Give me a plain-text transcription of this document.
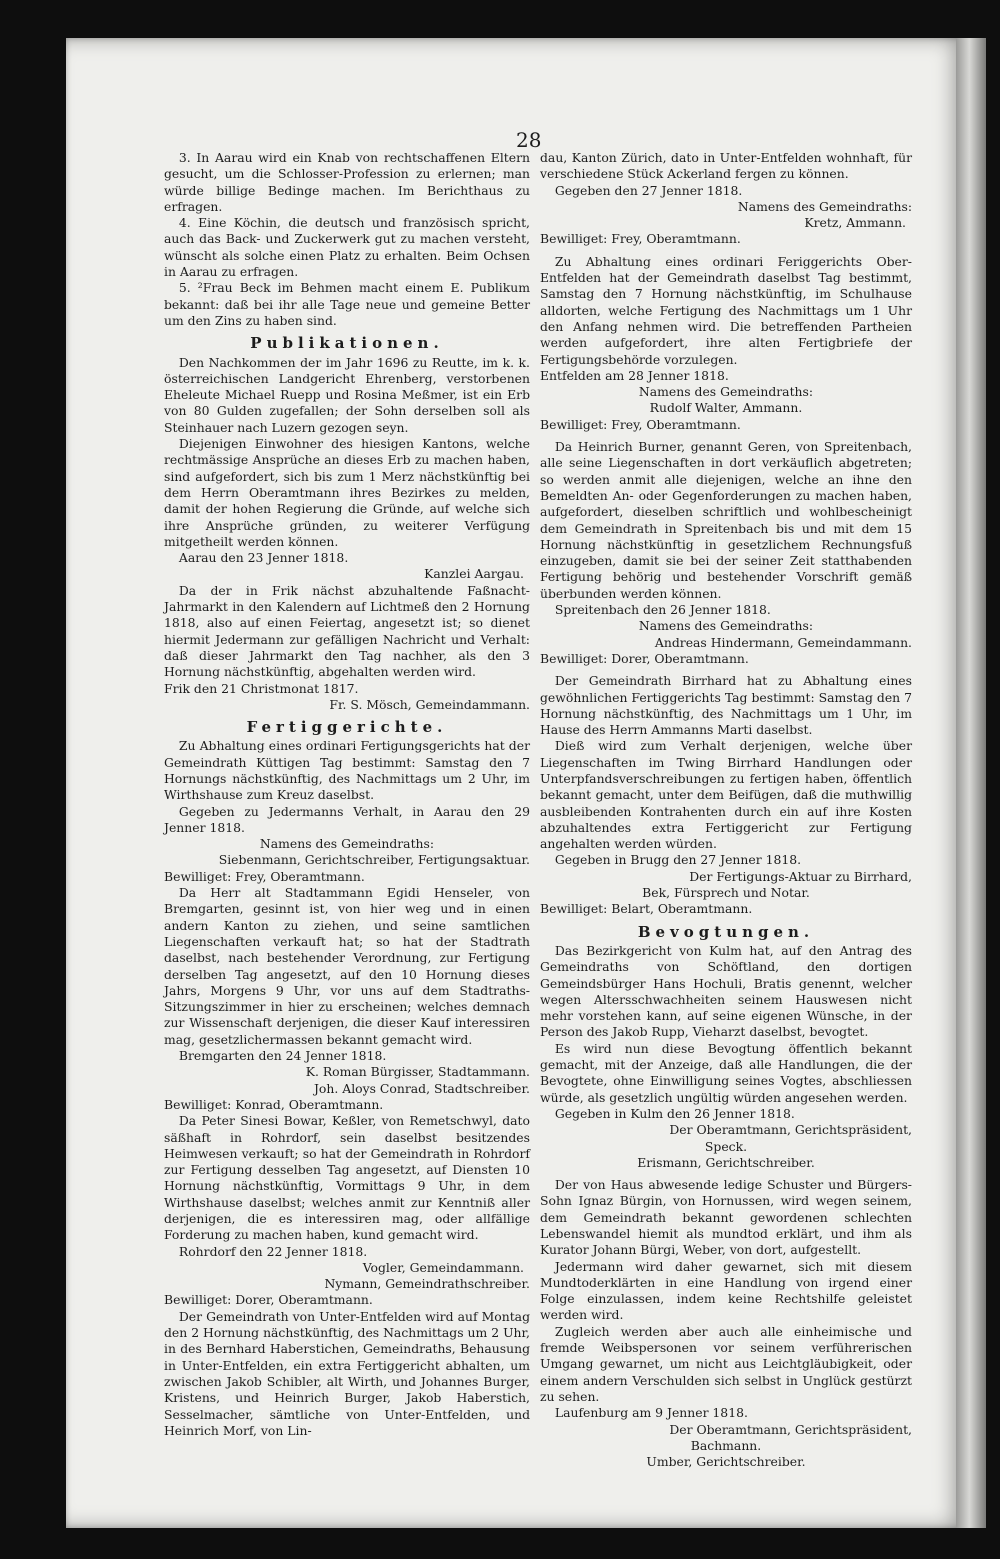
28

3. In Aarau wird ein Knab von rechtschaffenen Eltern gesucht, um die Schlosser-Profession zu erlernen; man würde billige Bedinge machen. Im Berichthaus zu erfragen.

4. Eine Köchin, die deutsch und französisch spricht, auch das Back- und Zuckerwerk gut zu machen versteht, wünscht als solche einen Platz zu erhalten. Beim Ochsen in Aarau zu erfragen.

5. ²Frau Beck im Behmen macht einem E. Publikum bekannt: daß bei ihr alle Tage neue und gemeine Better um den Zins zu haben sind.

Publikationen.

Den Nachkommen der im Jahr 1696 zu Reutte, im k. k. österreichischen Landgericht Ehrenberg, verstorbenen Eheleute Michael Ruepp und Rosina Meßmer, ist ein Erb von 80 Gulden zugefallen; der Sohn derselben soll als Steinhauer nach Luzern gezogen seyn.

Diejenigen Einwohner des hiesigen Kantons, welche rechtmässige Ansprüche an dieses Erb zu machen haben, sind aufgefordert, sich bis zum 1 Merz nächstkünftig bei dem Herrn Oberamtmann ihres Bezirkes zu melden, damit der hohen Regierung die Gründe, auf welche sich ihre Ansprüche gründen, zu weiterer Verfügung mitgetheilt werden können.

Aarau den 23 Jenner 1818.

Kanzlei Aargau.

Da der in Frik nächst abzuhaltende Faßnacht-Jahrmarkt in den Kalendern auf Lichtmeß den 2 Hornung 1818, also auf einen Feiertag, angesetzt ist; so dienet hiermit Jedermann zur gefälligen Nachricht und Verhalt: daß dieser Jahrmarkt den Tag nachher, als den 3 Hornung nächstkünftig, abgehalten werden wird.

Frik den 21 Christmonat 1817.

Fr. S. Mösch, Gemeindammann.

Fertiggerichte.

Zu Abhaltung eines ordinari Fertigungsgerichts hat der Gemeindrath Küttigen Tag bestimmt: Samstag den 7 Hornungs nächstkünftig, des Nachmittags um 2 Uhr, im Wirthshause zum Kreuz daselbst.

Gegeben zu Jedermanns Verhalt, in Aarau den 29 Jenner 1818.

Namens des Gemeindraths:

Siebenmann, Gerichtschreiber, Fertigungsaktuar.

Bewilliget: Frey, Oberamtmann.

Da Herr alt Stadtammann Egidi Henseler, von Bremgarten, gesinnt ist, von hier weg und in einen andern Kanton zu ziehen, und seine samtlichen Liegenschaften verkauft hat; so hat der Stadtrath daselbst, nach bestehender Verordnung, zur Fertigung derselben Tag angesetzt, auf den 10 Hornung dieses Jahrs, Morgens 9 Uhr, vor uns auf dem Stadtraths-Sitzungszimmer in hier zu erscheinen; welches demnach zur Wissenschaft derjenigen, die dieser Kauf interessiren mag, gesetzlichermassen bekannt gemacht wird.

Bremgarten den 24 Jenner 1818.

K. Roman Bürgisser, Stadtammann.

Joh. Aloys Conrad, Stadtschreiber.

Bewilliget: Konrad, Oberamtmann.

Da Peter Sinesi Bowar, Keßler, von Remetschwyl, dato säßhaft in Rohrdorf, sein daselbst besitzendes Heimwesen verkauft; so hat der Gemeindrath in Rohrdorf zur Fertigung desselben Tag angesetzt, auf Diensten 10 Hornung nächstkünftig, Vormittags 9 Uhr, in dem Wirthshause daselbst; welches anmit zur Kenntniß aller derjenigen, die es interessiren mag, oder allfällige Forderung zu machen haben, kund gemacht wird.

Rohrdorf den 22 Jenner 1818.

Vogler, Gemeindammann.

Nymann, Gemeindrathschreiber.

Bewilliget: Dorer, Oberamtmann.

Der Gemeindrath von Unter-Entfelden wird auf Montag den 2 Hornung nächstkünftig, des Nachmittags um 2 Uhr, in des Bernhard Haberstichen, Gemeindraths, Behausung in Unter-Entfelden, ein extra Fertiggericht abhalten, um zwischen Jakob Schibler, alt Wirth, und Johannes Burger, Kristens, und Heinrich Burger, Jakob Haberstich, Sesselmacher, sämtliche von Unter-Entfelden, und Heinrich Morf, von Lin-

dau, Kanton Zürich, dato in Unter-Entfelden wohnhaft, für verschiedene Stück Ackerland fergen zu können.

Gegeben den 27 Jenner 1818.

Namens des Gemeindraths:

Kretz, Ammann.

Bewilliget: Frey, Oberamtmann.

Zu Abhaltung eines ordinari Feriggerichts Ober-Entfelden hat der Gemeindrath daselbst Tag bestimmt, Samstag den 7 Hornung nächstkünftig, im Schulhause alldorten, welche Fertigung des Nachmittags um 1 Uhr den Anfang nehmen wird. Die betreffenden Partheien werden aufgefordert, ihre alten Fertigbriefe der Fertigungsbehörde vorzulegen.

Entfelden am 28 Jenner 1818.

Namens des Gemeindraths:

Rudolf Walter, Ammann.

Bewilliget: Frey, Oberamtmann.

Da Heinrich Burner, genannt Geren, von Spreitenbach, alle seine Liegenschaften in dort verkäuflich abgetreten; so werden anmit alle diejenigen, welche an ihne den Bemeldten An- oder Gegenforderungen zu machen haben, aufgefordert, dieselben schriftlich und wohlbescheinigt dem Gemeindrath in Spreitenbach bis und mit dem 15 Hornung nächstkünftig in gesetzlichem Rechnungsfuß einzugeben, damit sie bei der seiner Zeit statthabenden Fertigung behörig und bestehender Vorschrift gemäß überbunden werden können.

Spreitenbach den 26 Jenner 1818.

Namens des Gemeindraths:

Andreas Hindermann, Gemeindammann.

Bewilliget: Dorer, Oberamtmann.

Der Gemeindrath Birrhard hat zu Abhaltung eines gewöhnlichen Fertiggerichts Tag bestimmt: Samstag den 7 Hornung nächstkünftig, des Nachmittags um 1 Uhr, im Hause des Herrn Ammanns Marti daselbst.

Dieß wird zum Verhalt derjenigen, welche über Liegenschaften im Twing Birrhard Handlungen oder Unterpfandsverschreibungen zu fertigen haben, öffentlich bekannt gemacht, unter dem Beifügen, daß die muthwillig ausbleibenden Kontrahenten durch ein auf ihre Kosten abzuhaltendes extra Fertiggericht zur Fertigung angehalten werden würden.

Gegeben in Brugg den 27 Jenner 1818.

Der Fertigungs-Aktuar zu Birrhard,

Bek, Fürsprech und Notar.

Bewilliget: Belart, Oberamtmann.

Bevogtungen.

Das Bezirkgericht von Kulm hat, auf den Antrag des Gemeindraths von Schöftland, den dortigen Gemeindsbürger Hans Hochuli, Bratis genennt, welcher wegen Altersschwachheiten seinem Hauswesen nicht mehr vorstehen kann, auf seine eigenen Wünsche, in der Person des Jakob Rupp, Vieharzt daselbst, bevogtet.

Es wird nun diese Bevogtung öffentlich bekannt gemacht, mit der Anzeige, daß alle Handlungen, die der Bevogtete, ohne Einwilligung seines Vogtes, abschliessen würde, als gesetzlich ungültig würden angesehen werden.

Gegeben in Kulm den 26 Jenner 1818.

Der Oberamtmann, Gerichtspräsident,

Speck.

Erismann, Gerichtschreiber.

Der von Haus abwesende ledige Schuster und Bürgers-Sohn Ignaz Bürgin, von Hornussen, wird wegen seinem, dem Gemeindrath bekannt gewordenen schlechten Lebenswandel hiemit als mundtod erklärt, und ihm als Kurator Johann Bürgi, Weber, von dort, aufgestellt.

Jedermann wird daher gewarnet, sich mit diesem Mundtoderklärten in eine Handlung von irgend einer Folge einzulassen, indem keine Rechtshilfe geleistet werden wird.

Zugleich werden aber auch alle einheimische und fremde Weibspersonen vor seinem verführerischen Umgang gewarnet, um nicht aus Leichtgläubigkeit, oder einem andern Verschulden sich selbst in Unglück gestürzt zu sehen.

Laufenburg am 9 Jenner 1818.

Der Oberamtmann, Gerichtspräsident,

Bachmann.

Umber, Gerichtschreiber.
